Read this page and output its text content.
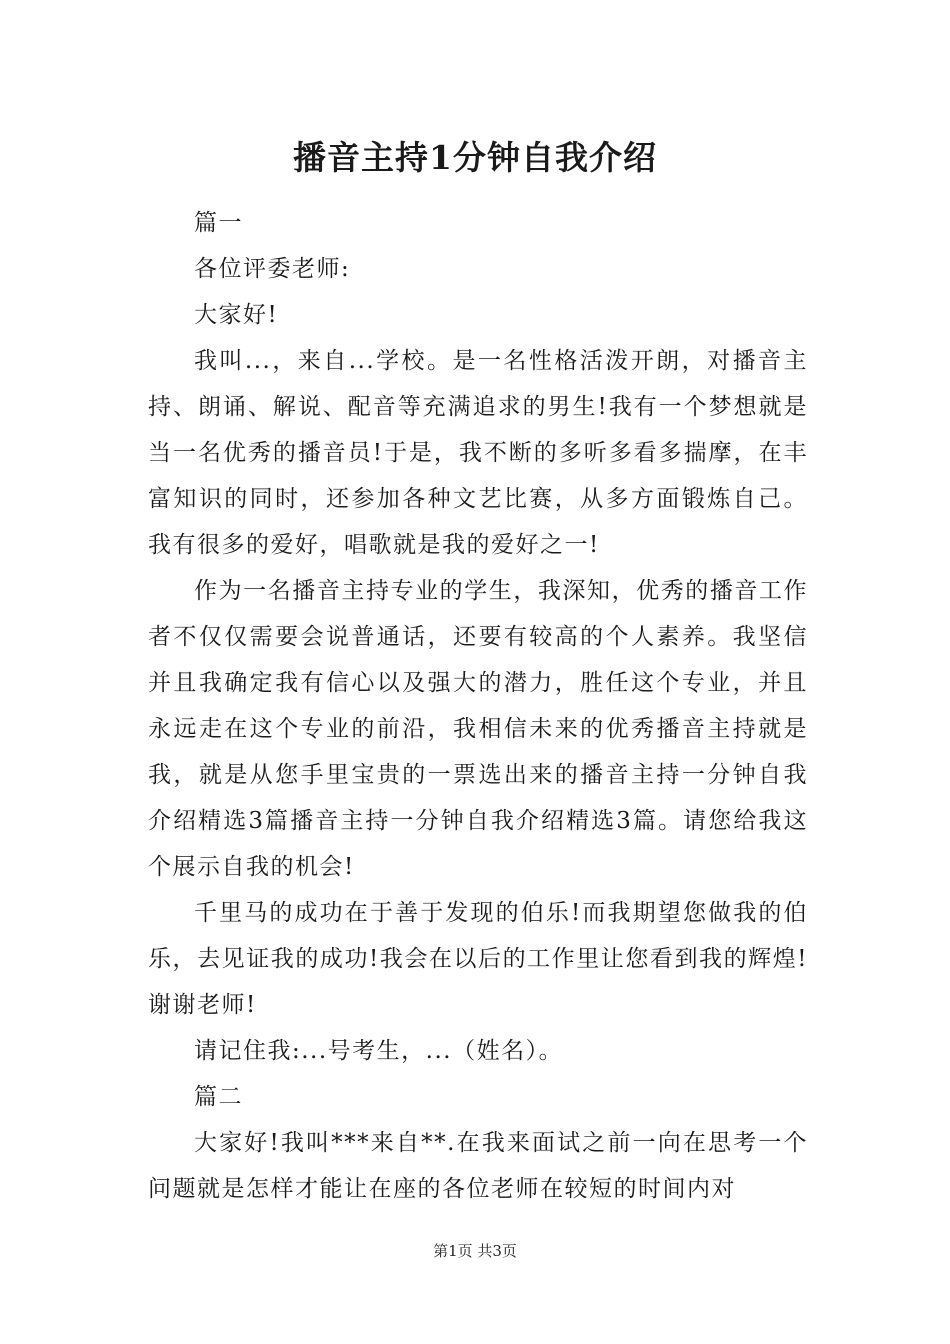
播音主持1分钟自我介绍

篇一

各位评委老师:

大家好!

我叫...，来自...学校。是一名性格活泼开朗，对播音主持、朗诵、解说、配音等充满追求的男生!我有一个梦想就是当一名优秀的播音员!于是，我不断的多听多看多揣摩，在丰富知识的同时，还参加各种文艺比赛，从多方面锻炼自己。我有很多的爱好，唱歌就是我的爱好之一!

作为一名播音主持专业的学生，我深知，优秀的播音工作者不仅仅需要会说普通话，还要有较高的个人素养。我坚信并且我确定我有信心以及强大的潜力，胜任这个专业，并且永远走在这个专业的前沿，我相信未来的优秀播音主持就是我，就是从您手里宝贵的一票选出来的播音主持一分钟自我介绍精选3篇播音主持一分钟自我介绍精选3篇。请您给我这个展示自我的机会!

千里马的成功在于善于发现的伯乐!而我期望您做我的伯乐，去见证我的成功!我会在以后的工作里让您看到我的辉煌!谢谢老师!

请记住我:...号考生，...（姓名）。

篇二

大家好!我叫***来自**.在我来面试之前一向在思考一个问题就是怎样才能让在座的各位老师在较短的时间内对

第1页 共3页
